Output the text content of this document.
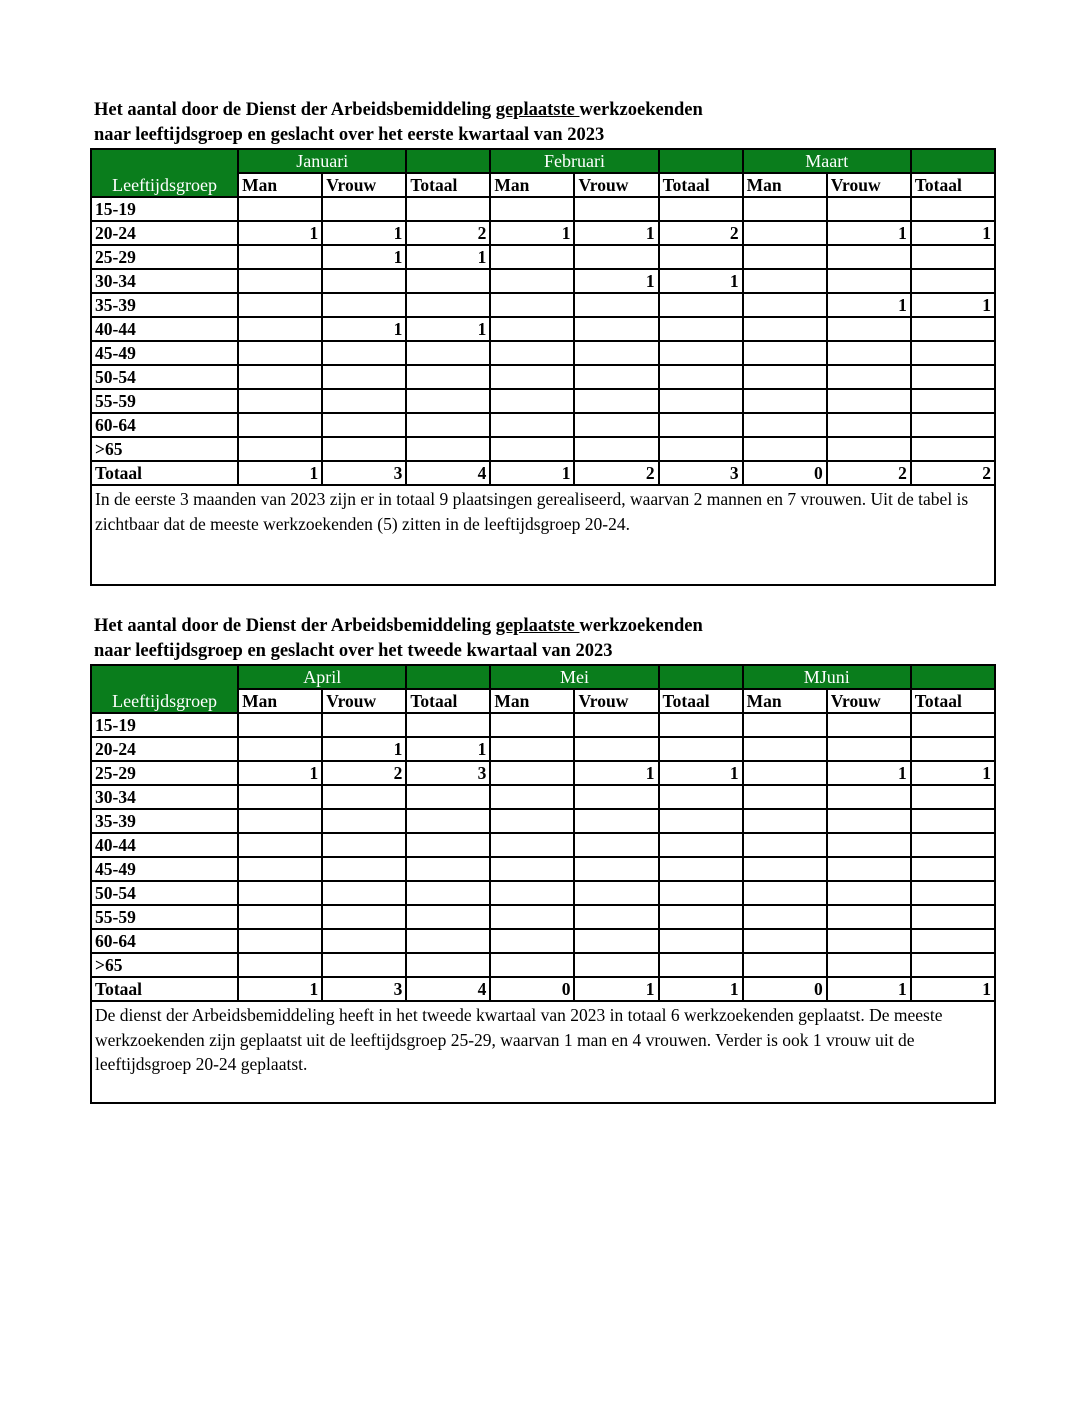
Het aantal door de Dienst der Arbeidsbemiddeling geplaatste werkzoekenden
naar leeftijdsgroep en geslacht over het eerste kwartaal van 2023
Leeftijdsgroep	Januari			Februari			Maart		
	Man	Vrouw	Totaal	Man	Vrouw	Totaal	Man	Vrouw	Totaal
15-19									
20-24	1	1	2	1	1	2		1	1
25-29		1	1						
30-34					1	1			
35-39								1	1
40-44		1	1						
45-49									
50-54									
55-59									
60-64									
>65									
Totaal	1	3	4	1	2	3	0	2	2
In de eerste 3 maanden van 2023 zijn er in totaal 9 plaatsingen gerealiseerd, waarvan 2 mannen en 7 vrouwen. Uit de tabel is zichtbaar dat de meeste werkzoekenden (5) zitten in de leeftijdsgroep 20-24.									
Het aantal door de Dienst der Arbeidsbemiddeling geplaatste werkzoekenden
naar leeftijdsgroep en geslacht over het tweede kwartaal van 2023
Leeftijdsgroep	April			Mei			MJuni		
	Man	Vrouw	Totaal	Man	Vrouw	Totaal	Man	Vrouw	Totaal
15-19									
20-24		1	1						
25-29	1	2	3		1	1		1	1
30-34									
35-39									
40-44									
45-49									
50-54									
55-59									
60-64									
>65									
Totaal	1	3	4	0	1	1	0	1	1
De dienst der Arbeidsbemiddeling heeft in het tweede kwartaal van 2023 in totaal 6 werkzoekenden geplaatst. De meeste werkzoekenden zijn geplaatst uit de leeftijdsgroep 25-29, waarvan 1 man en 4 vrouwen. Verder is ook 1 vrouw uit de leeftijdsgroep 20-24 geplaatst.									
